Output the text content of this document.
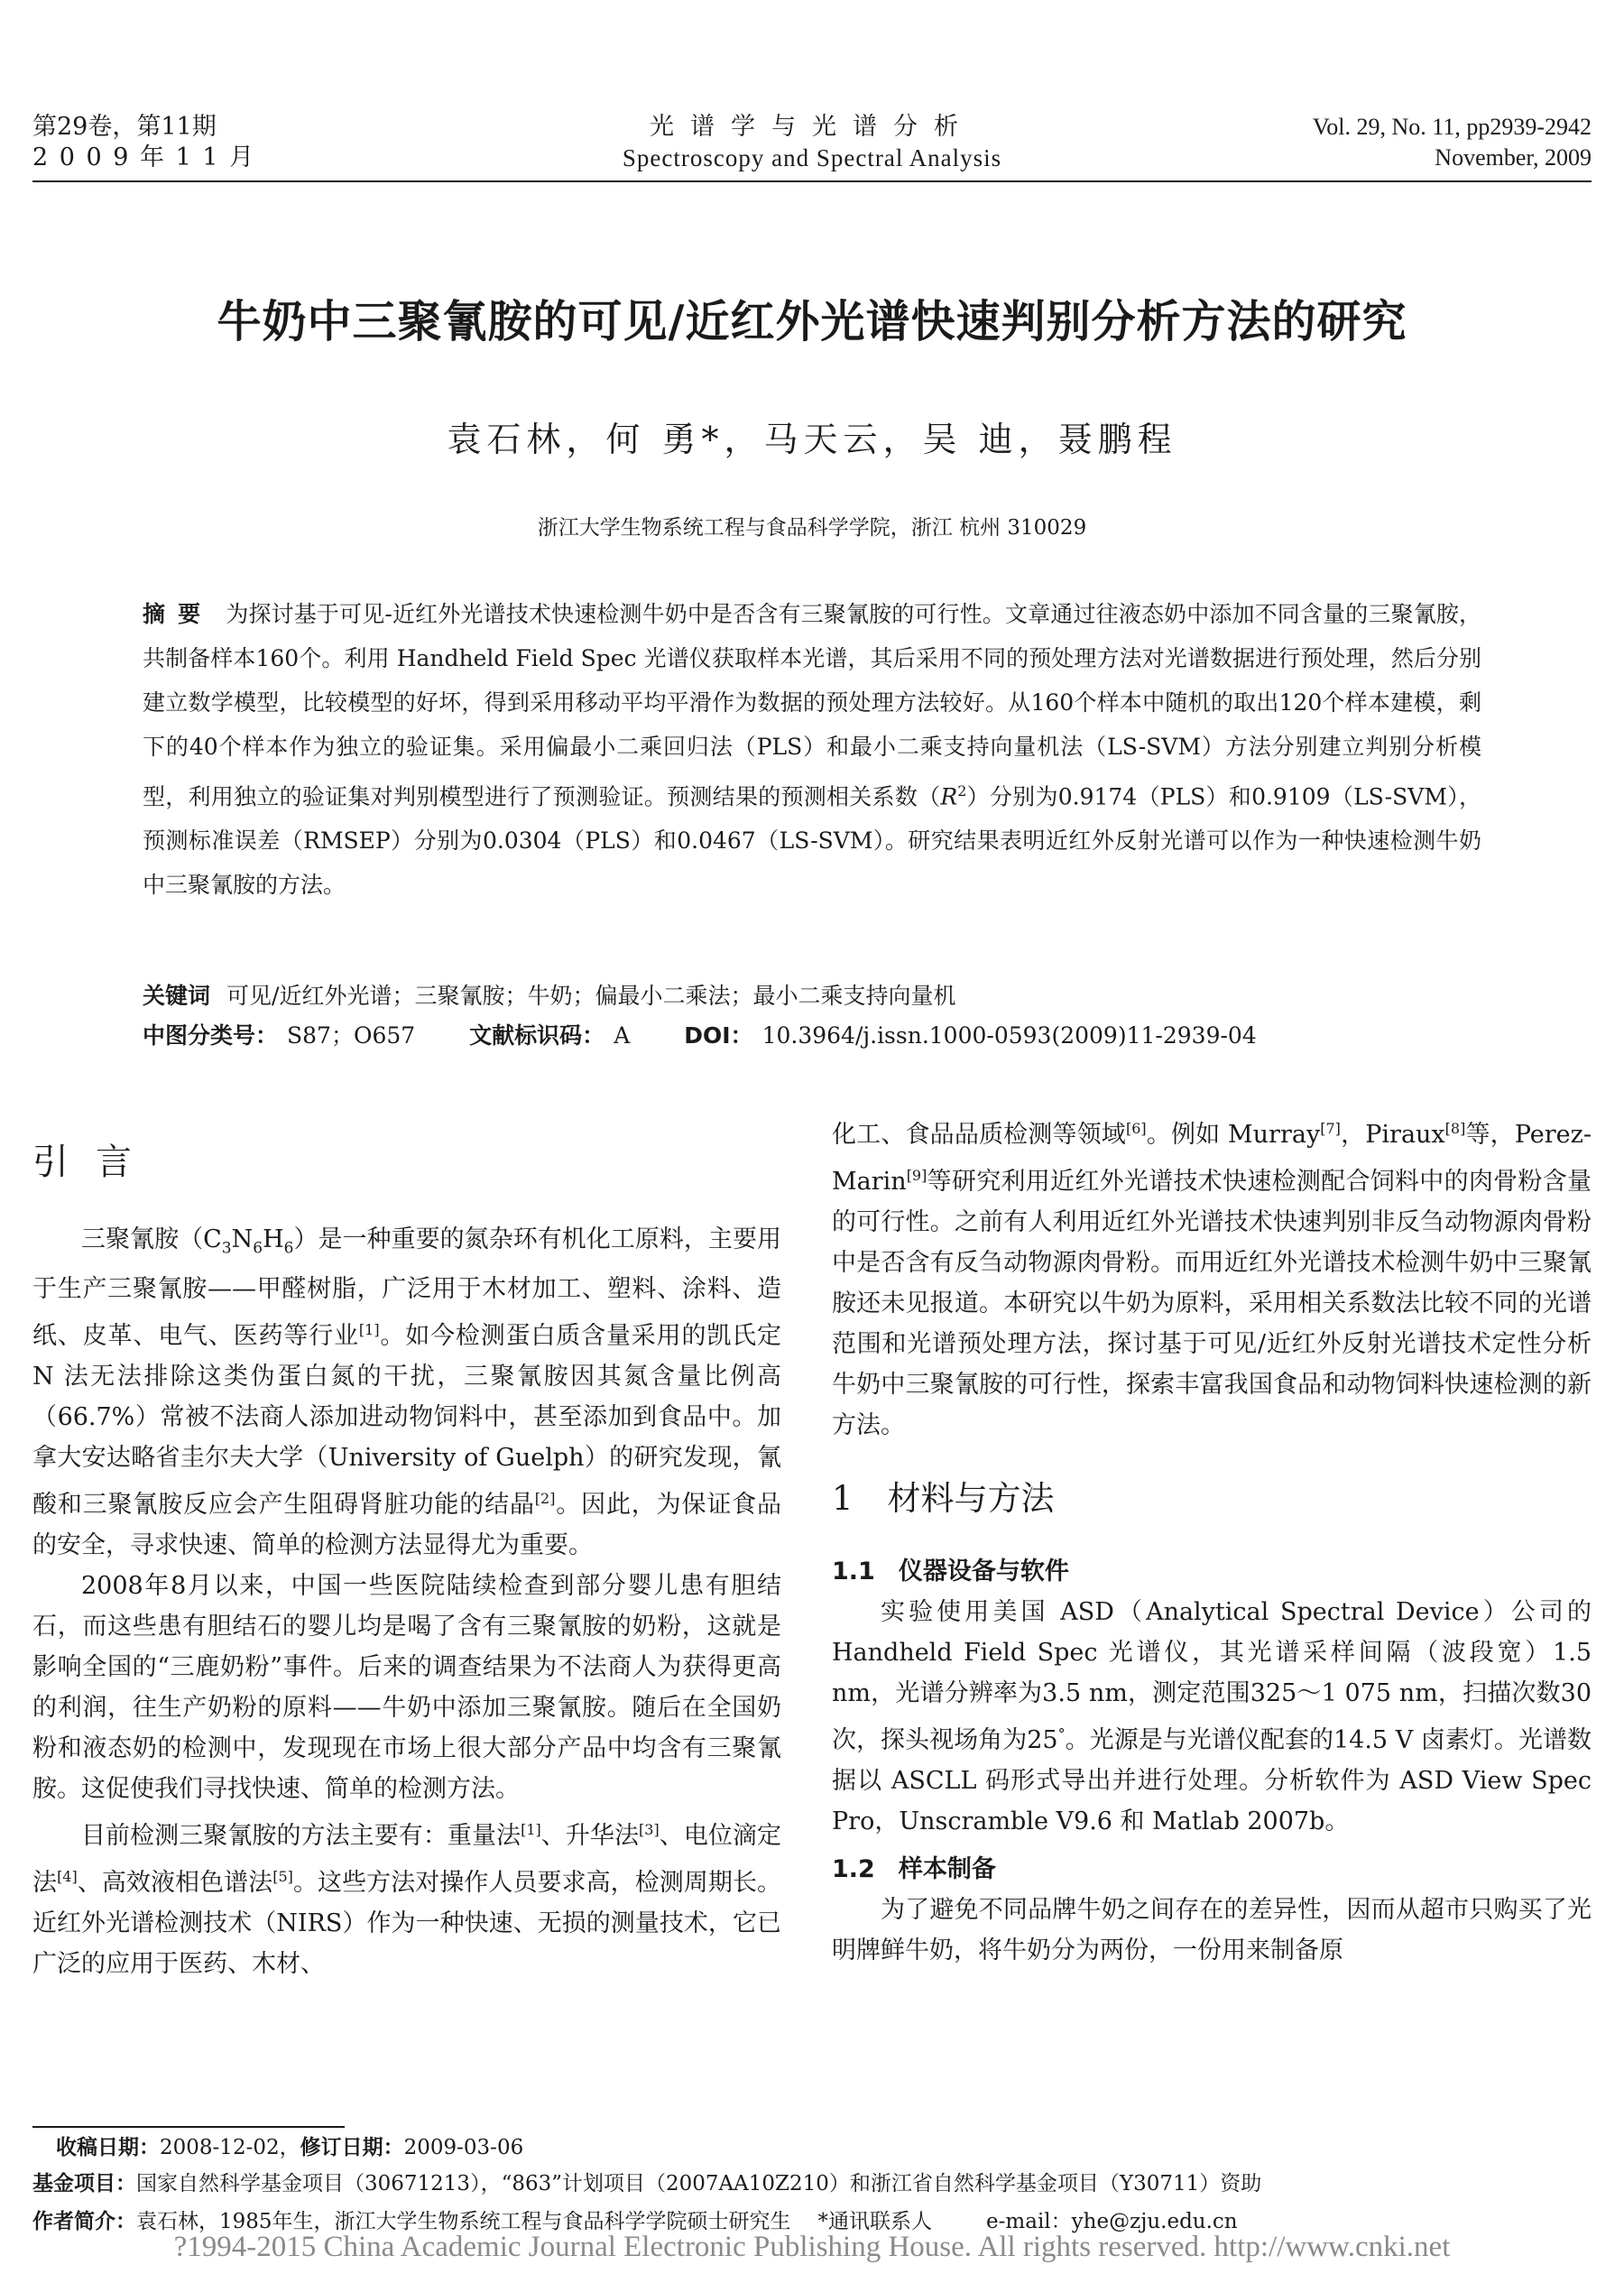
第29卷，第11期
2 0 0 9 年 1 1 月
光谱学与光谱分析
Spectroscopy and Spectral Analysis
Vol. 29, No. 11, pp2939-2942
November, 2009
牛奶中三聚氰胺的可见/近红外光谱快速判别分析方法的研究
袁石林，何 勇*，马天云，吴 迪，聂鹏程
浙江大学生物系统工程与食品科学学院，浙江 杭州 310029
摘要 为探讨基于可见-近红外光谱技术快速检测牛奶中是否含有三聚氰胺的可行性。文章通过往液态奶中添加不同含量的三聚氰胺，共制备样本160个。利用 Handheld Field Spec 光谱仪获取样本光谱，其后采用不同的预处理方法对光谱数据进行预处理，然后分别建立数学模型，比较模型的好坏，得到采用移动平均平滑作为数据的预处理方法较好。从160个样本中随机的取出120个样本建模，剩下的40个样本作为独立的验证集。采用偏最小二乘回归法（PLS）和最小二乘支持向量机法（LS-SVM）方法分别建立判别分析模型，利用独立的验证集对判别模型进行了预测验证。预测结果的预测相关系数$(R^2)$分别为0.9174（PLS）和0.9109（LS-SVM），预测标准误差（RMSEP）分别为0.0304（PLS）和0.0467（LS-SVM）。研究结果表明近红外反射光谱可以作为一种快速检测牛奶中三聚氰胺的方法。
关键词 可见/近红外光谱；三聚氰胺；牛奶；偏最小二乘法；最小二乘支持向量机
中图分类号： S87；O657 文献标识码： A DOI： 10.3964/j.issn.1000-0593(2009)11-2939-04
引言

三聚氰胺$(C_3N_6H_6)$是一种重要的氮杂环有机化工原料，主要用于生产三聚氰胺——甲醛树脂，广泛用于木材加工、塑料、涂料、造纸、皮革、电气、医药等行业[1]。如今检测蛋白质含量采用的凯氏定 N 法无法排除这类伪蛋白氮的干扰，三聚氰胺因其氮含量比例高（66.7%）常被不法商人添加进动物饲料中，甚至添加到食品中。加拿大安达略省圭尔夫大学（University of Guelph）的研究发现，氰酸和三聚氰胺反应会产生阻碍肾脏功能的结晶[2]。因此，为保证食品的安全，寻求快速、简单的检测方法显得尤为重要。

2008年8月以来，中国一些医院陆续检查到部分婴儿患有胆结石，而这些患有胆结石的婴儿均是喝了含有三聚氰胺的奶粉，这就是影响全国的“三鹿奶粉”事件。后来的调查结果为不法商人为获得更高的利润，往生产奶粉的原料——牛奶中添加三聚氰胺。随后在全国奶粉和液态奶的检测中，发现现在市场上很大部分产品中均含有三聚氰胺。这促使我们寻找快速、简单的检测方法。

目前检测三聚氰胺的方法主要有：重量法[1]、升华法[3]、电位滴定法[4]、高效液相色谱法[5]。这些方法对操作人员要求高，检测周期长。近红外光谱检测技术（NIRS）作为一种快速、无损的测量技术，它已广泛的应用于医药、木材、

化工、食品品质检测等领域[6]。例如 Murray[7]，Piraux[8]等，Perez-Marin[9]等研究利用近红外光谱技术快速检测配合饲料中的肉骨粉含量的可行性。之前有人利用近红外光谱技术快速判别非反刍动物源肉骨粉中是否含有反刍动物源肉骨粉。而用近红外光谱技术检测牛奶中三聚氰胺还未见报道。本研究以牛奶为原料，采用相关系数法比较不同的光谱范围和光谱预处理方法，探讨基于可见/近红外反射光谱技术定性分析牛奶中三聚氰胺的可行性，探索丰富我国食品和动物饲料快速检测的新方法。

1 材料与方法
1.1 仪器设备与软件

实验使用美国 ASD（Analytical Spectral Device）公司的 Handheld Field Spec 光谱仪，其光谱采样间隔（波段宽）1.5 nm，光谱分辨率为3.5 nm，测定范围325～1 075 nm，扫描次数30次，探头视场角为25°。光源是与光谱仪配套的14.5 V 卤素灯。光谱数据以 ASCLL 码形式导出并进行处理。分析软件为 ASD View Spec Pro，Unscramble V9.6 和 Matlab 2007b。

1.2 样本制备

为了避免不同品牌牛奶之间存在的差异性，因而从超市只购买了光明牌鲜牛奶，将牛奶分为两份，一份用来制备原

收稿日期：2008-12-02，修订日期：2009-03-06
基金项目：国家自然科学基金项目（30671213），“863”计划项目（2007AA10Z210）和浙江省自然科学基金项目（Y30711）资助
作者简介：袁石林，1985年生，浙江大学生物系统工程与食品科学学院硕士研究生 *通讯联系人	e-mail：yhe@zju.edu.cn
?1994-2015 China Academic Journal Electronic Publishing House. All rights reserved. http://www.cnki.net
